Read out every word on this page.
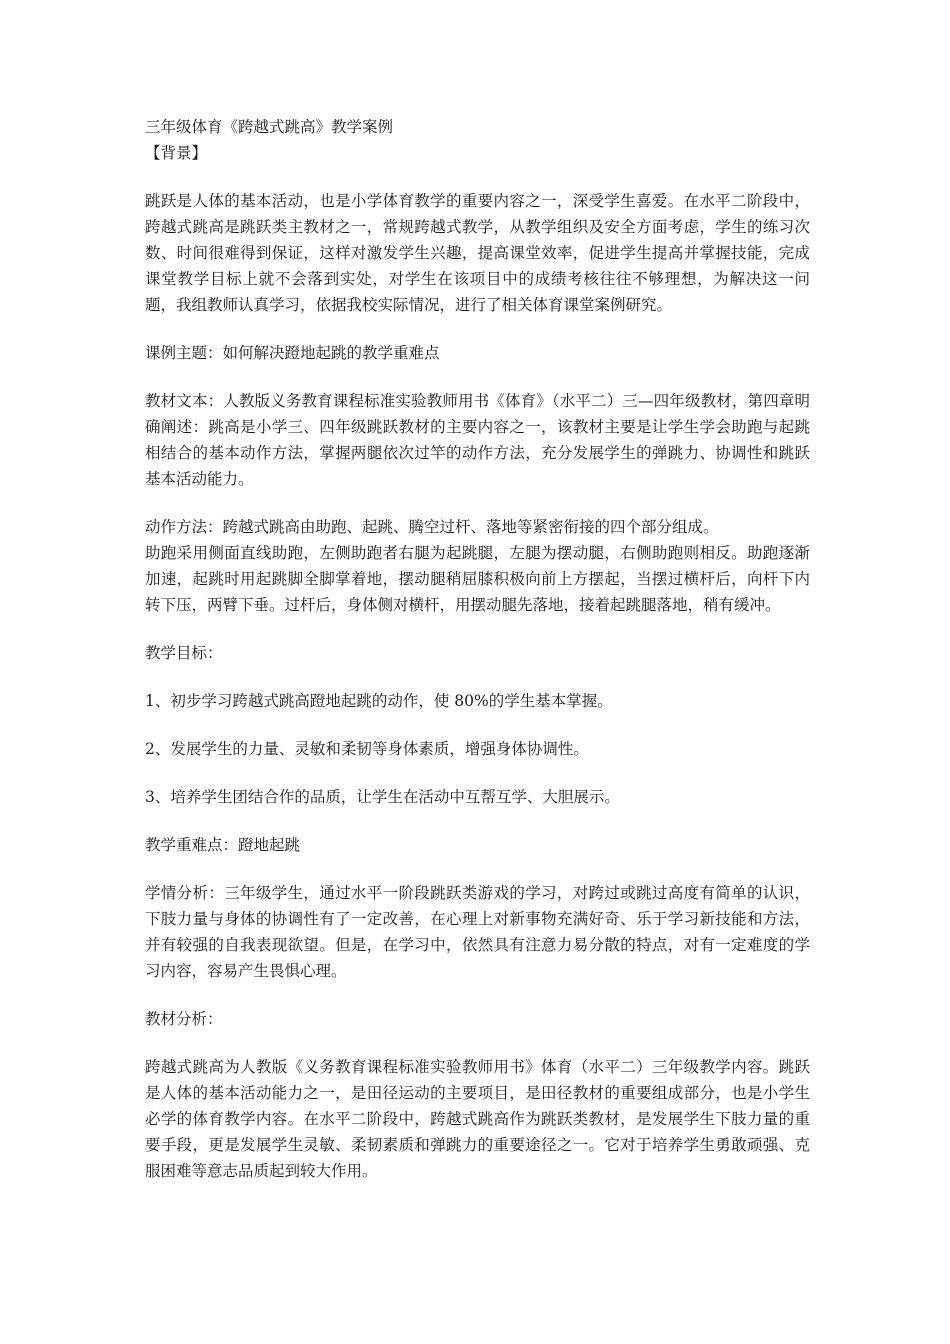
三年级体育《跨越式跳高》教学案例

【背景】

跳跃是人体的基本活动，也是小学体育教学的重要内容之一，深受学生喜爱。在水平二阶段中，跨越式跳高是跳跃类主教材之一，常规跨越式教学，从教学组织及安全方面考虑，学生的练习次数、时间很难得到保证，这样对激发学生兴趣，提高课堂效率，促进学生提高并掌握技能，完成课堂教学目标上就不会落到实处，对学生在该项目中的成绩考核往往不够理想，为解决这一问题，我组教师认真学习，依据我校实际情况，进行了相关体育课堂案例研究。

课例主题：如何解决蹬地起跳的教学重难点

教材文本：人教版义务教育课程标准实验教师用书《体育》（水平二）三—四年级教材，第四章明确阐述：跳高是小学三、四年级跳跃教材的主要内容之一，该教材主要是让学生学会助跑与起跳相结合的基本动作方法，掌握两腿依次过竿的动作方法，充分发展学生的弹跳力、协调性和跳跃基本活动能力。

动作方法：跨越式跳高由助跑、起跳、腾空过杆、落地等紧密衔接的四个部分组成。

助跑采用侧面直线助跑，左侧助跑者右腿为起跳腿，左腿为摆动腿，右侧助跑则相反。助跑逐渐加速，起跳时用起跳脚全脚掌着地，摆动腿稍屈膝积极向前上方摆起，当摆过横杆后，向杆下内转下压，两臂下垂。过杆后，身体侧对横杆，用摆动腿先落地，接着起跳腿落地，稍有缓冲。

教学目标：

1、初步学习跨越式跳高蹬地起跳的动作，使 80%的学生基本掌握。

2、发展学生的力量、灵敏和柔韧等身体素质，增强身体协调性。

3、培养学生团结合作的品质，让学生在活动中互帮互学、大胆展示。

教学重难点：蹬地起跳

学情分析：三年级学生，通过水平一阶段跳跃类游戏的学习，对跨过或跳过高度有简单的认识，下肢力量与身体的协调性有了一定改善，在心理上对新事物充满好奇、乐于学习新技能和方法，并有较强的自我表现欲望。但是，在学习中，依然具有注意力易分散的特点，对有一定难度的学习内容，容易产生畏惧心理。

教材分析：

跨越式跳高为人教版《义务教育课程标准实验教师用书》体育（水平二）三年级教学内容。跳跃是人体的基本活动能力之一，是田径运动的主要项目，是田径教材的重要组成部分，也是小学生必学的体育教学内容。在水平二阶段中，跨越式跳高作为跳跃类教材，是发展学生下肢力量的重要手段，更是发展学生灵敏、柔韧素质和弹跳力的重要途径之一。它对于培养学生勇敢顽强、克服困难等意志品质起到较大作用。
